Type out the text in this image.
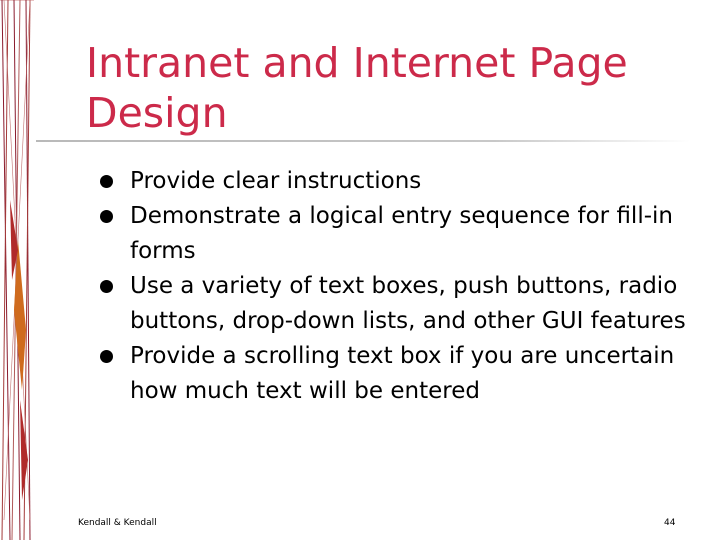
Intranet and Internet Page Design
Provide clear instructions
Demonstrate a logical entry sequence for fill-in forms
Use a variety of text boxes, push buttons, radio buttons, drop-down lists, and other GUI features
Provide a scrolling text box if you are uncertain how much text will be entered
Kendall & Kendall	44
